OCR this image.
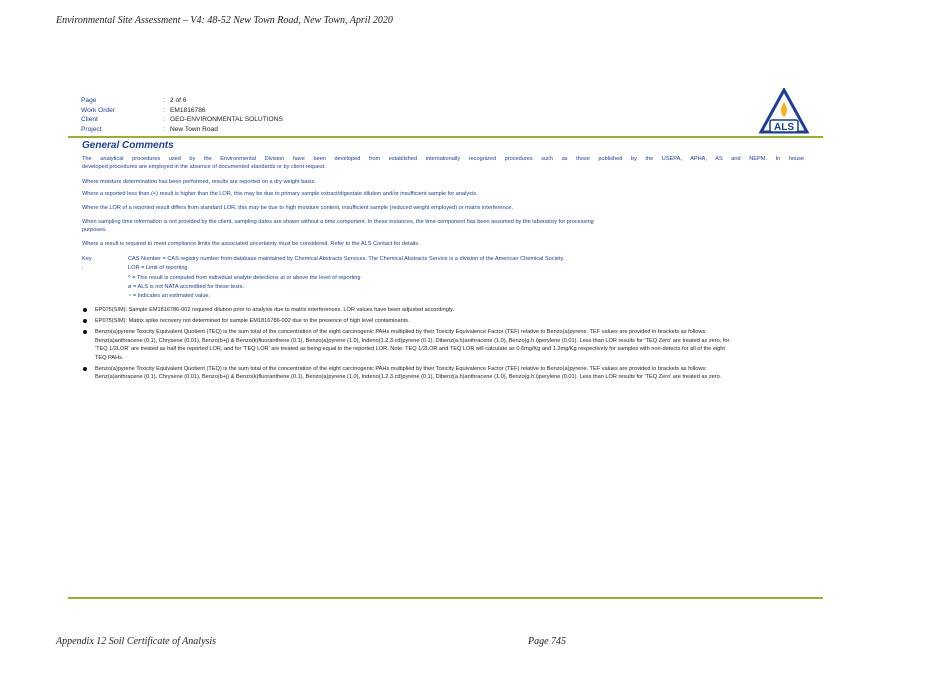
Environmental Site Assessment – V4: 48-52 New Town Road, New Town, April 2020
Page	: 2 of 6
Work Order	: EM1816786
Client	: GEO-ENVIRONMENTAL SOLUTIONS
Project	: New Town Road	ALS
General Comments
The analytical procedures used by the Environmental Division have been developed from established internationally recognized procedures such as those published by the USEPA, APHA, AS and NEPM. In house
developed procedures are employed in the absence of documented standards or by client request.
Where moisture determination has been performed, results are reported on a dry weight basis.
Where a reported less than (<) result is higher than the LOR, this may be due to primary sample extract/digestate dilution and/or insufficient sample for analysis.
Where the LOR of a reported result differs from standard LOR, this may be due to high moisture content, insufficient sample (reduced weight employed) or matrix interference.
When sampling time information is not provided by the client, sampling dates are shown without a time component. In these instances, the time component has been assumed by the laboratory for processing
purposes.
Where a result is required to meet compliance limits the associated uncertainty must be considered. Refer to the ALS Contact for details.
Key :
CAS Number = CAS registry number from database maintained by Chemical Abstracts Services. The Chemical Abstracts Service is a division of the American Chemical Society.
LOR = Limit of reporting
^ = This result is computed from individual analyte detections at or above the level of reporting
ø = ALS is not NATA accredited for these tests.
~ = Indicates an estimated value.
EP075(SIM): Sample EM1816786-002 required dilution prior to analysis due to matrix interferences. LOR values have been adjusted accordingly.
EP075(SIM): Matrix spike recovery not determined for sample EM1816786-002 due to the presence of high level contaminants.
Benzo(a)pyrene Toxicity Equivalent Quotient (TEQ) is the sum total of the concentration of the eight carcinogenic PAHs multiplied by their Toxicity Equivalence Factor (TEF) relative to Benzo(a)pyrene. TEF values are provided in brackets as follows: Benz(a)anthracene (0.1), Chrysene (0.01), Benzo(b+j) & Benzo(k)fluoranthene (0.1), Benzo(a)pyrene (1.0), Indeno(1.2.3.cd)pyrene (0.1), Dibenz(a.h)anthracene (1.0), Benzo(g.h.i)perylene (0.01). Less than LOR results for 'TEQ Zero' are treated as zero, for 'TEQ 1/2LOR' are treated as half the reported LOR, and for 'TEQ LOR' are treated as being equal to the reported LOR. Note: TEQ 1/2LOR and TEQ LOR will calculate as 0.6mg/Kg and 1.2mg/Kg respectively for samples with non-detects for all of the eight TEQ PAHs.
Benzo(a)pyrene Toxicity Equivalent Quotient (TEQ) is the sum total of the concentration of the eight carcinogenic PAHs multiplied by their Toxicity Equivalence Factor (TEF) relative to Benzo(a)pyrene. TEF values are provided in brackets as follows: Benz(a)anthracene (0.1), Chrysene (0.01), Benzo(b+j) & Benzo(k)fluoranthene (0.1), Benzo(a)pyrene (1.0), Indeno(1.2.3.cd)pyrene (0.1), Dibenz(a.h)anthracene (1.0), Benzo(g.h.i)perylene (0.01). Less than LOR results for 'TEQ Zero' are treated as zero.
Appendix 12 Soil Certificate of Analysis	Page 745
